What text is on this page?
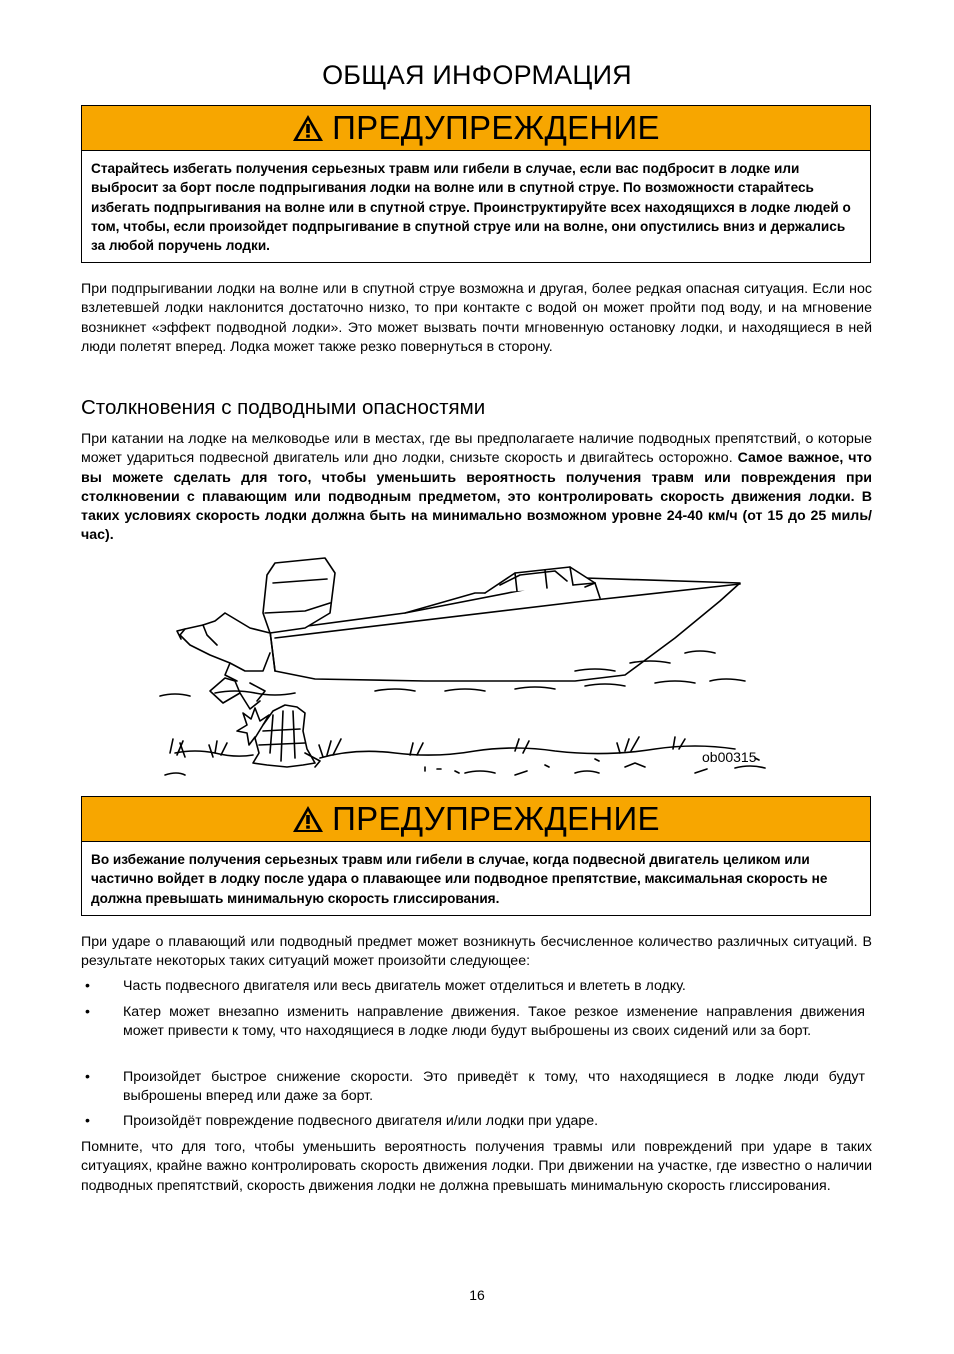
ОБЩАЯ ИНФОРМАЦИЯ
ПРЕДУПРЕЖДЕНИЕ
Старайтесь избегать получения серьезных травм или гибели в случае, если вас подбросит в лодке или выбросит за борт после подпрыгивания лодки на волне или в спутной струе. По возможности старайтесь избегать подпрыгивания на волне или в спутной струе. Проинструктируйте всех находящихся в лодке людей о том, чтобы, если произойдет подпрыгивание в спутной струе или на волне, они опустились вниз и держались за любой поручень лодки.
При подпрыгивании лодки на волне или в спутной струе возможна и другая, более редкая опасная ситуация. Если нос взлетевшей лодки наклонится достаточно низко, то при контакте с водой он может пройти под воду, и на мгновение возникнет «эффект подводной лодки». Это может вызвать почти мгновенную остановку лодки, и находящиеся в ней люди полетят вперед. Лодка может также резко повернуться в сторону.
Столкновения с подводными опасностями
При катании на лодке на мелководье или в местах, где вы предполагаете наличие подводных препятствий, о которые может удариться подвесной двигатель или дно лодки, снизьте скорость и двигайтесь осторожно. Самое важное, что вы можете сделать для того, чтобы уменьшить вероятность получения травм или повреждения при столкновении с плавающим или подводным предметом, это контролировать скорость движения лодки. В таких условиях скорость лодки должна быть на минимально возможном уровне 24-40 км/ч (от 15 до 25 миль/час).
ob00315
ПРЕДУПРЕЖДЕНИЕ
Во избежание получения серьезных травм или гибели в случае, когда подвесной двигатель целиком или частично войдет в лодку после удара о плавающее или подводное препятствие, максимальная скорость не должна превышать минимальную скорость глиссирования.
При ударе о плавающий или подводный предмет может возникнуть бесчисленное количество различных ситуаций. В результате некоторых таких ситуаций может произойти следующее:
• Часть подвесного двигателя или весь двигатель может отделиться и влететь в лодку.
• Катер может внезапно изменить направление движения. Такое резкое изменение направления движения может привести к тому, что находящиеся в лодке люди будут выброшены из своих сидений или за борт.
• Произойдет быстрое снижение скорости. Это приведёт к тому, что находящиеся в лодке люди будут выброшены вперед или даже за борт.
• Произойдёт повреждение подвесного двигателя и/или лодки при ударе.
Помните, что для того, чтобы уменьшить вероятность получения травмы или повреждений при ударе в таких ситуациях, крайне важно контролировать скорость движения лодки. При движении на участке, где известно о наличии подводных препятствий, скорость движения лодки не должна превышать минимальную скорость глиссирования.
16
